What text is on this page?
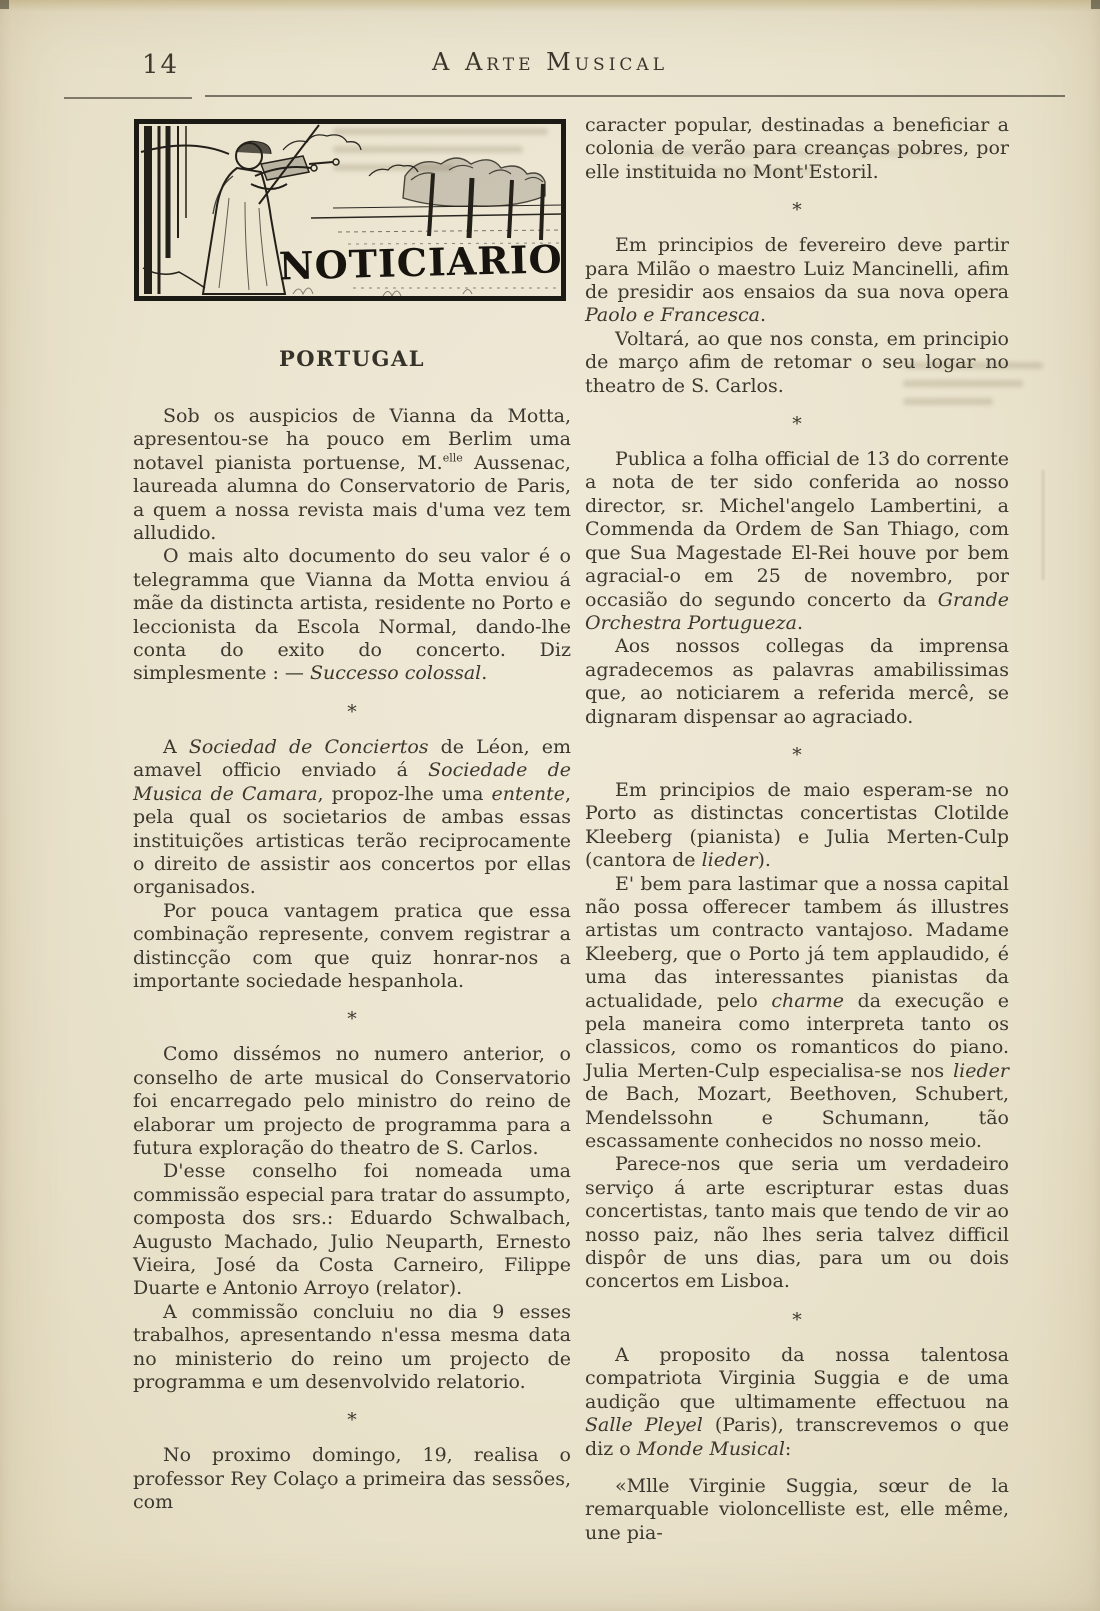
14	A Arte Musical
NOTICIARIO
PORTUGAL

Sob os auspicios de Vianna da Motta, apresentou-se ha pouco em Berlim uma notavel pianista portuense, M.$^{elle}$ Aussenac, laureada alumna do Conservatorio de Paris, a quem a nossa revista mais d'uma vez tem alludido.

O mais alto documento do seu valor é o telegramma que Vianna da Motta enviou á mãe da distincta artista, residente no Porto e leccionista da Escola Normal, dando-lhe conta do exito do concerto. Diz simplesmente : — Successo colossal.

*

A Sociedad de Conciertos de Léon, em amavel officio enviado á Sociedade de Musica de Camara, propoz-lhe uma entente, pela qual os societarios de ambas essas instituições artisticas terão reciprocamente o direito de assistir aos concertos por ellas organisados.

Por pouca vantagem pratica que essa combinação represente, convem registrar a distincção com que quiz honrar-nos a importante sociedade hespanhola.

*

Como dissémos no numero anterior, o conselho de arte musical do Conservatorio foi encarregado pelo ministro do reino de elaborar um projecto de programma para a futura exploração do theatro de S. Carlos.

D'esse conselho foi nomeada uma commissão especial para tratar do assumpto, composta dos srs.: Eduardo Schwalbach, Augusto Machado, Julio Neuparth, Ernesto Vieira, José da Costa Carneiro, Filippe Duarte e Antonio Arroyo (relator).

A commissão concluiu no dia 9 esses trabalhos, apresentando n'essa mesma data no ministerio do reino um projecto de programma e um desenvolvido relatorio.

*

No proximo domingo, 19, realisa o professor Rey Colaço a primeira das sessões, com

caracter popular, destinadas a beneficiar a colonia de verão para creanças pobres, por elle instituida no Mont'Estoril.

*

Em principios de fevereiro deve partir para Milão o maestro Luiz Mancinelli, afim de presidir aos ensaios da sua nova opera Paolo e Francesca.

Voltará, ao que nos consta, em principio de março afim de retomar o seu logar no theatro de S. Carlos.

*

Publica a folha official de 13 do corrente a nota de ter sido conferida ao nosso director, sr. Michel'angelo Lambertini, a Commenda da Ordem de San Thiago, com que Sua Magestade El-Rei houve por bem agracial-o em 25 de novembro, por occasião do segundo concerto da Grande Orchestra Portugueza.

Aos nossos collegas da imprensa agradecemos as palavras amabilissimas que, ao noticiarem a referida mercê, se dignaram dispensar ao agraciado.

*

Em principios de maio esperam-se no Porto as distinctas concertistas Clotilde Kleeberg (pianista) e Julia Merten-Culp (cantora de lieder).

E' bem para lastimar que a nossa capital não possa offerecer tambem ás illustres artistas um contracto vantajoso. Madame Kleeberg, que o Porto já tem applaudido, é uma das interessantes pianistas da actualidade, pelo charme da execução e pela maneira como interpreta tanto os classicos, como os romanticos do piano. Julia Merten-Culp especialisa-se nos lieder de Bach, Mozart, Beethoven, Schubert, Mendelssohn e Schumann, tão escassamente conhecidos no nosso meio.

Parece-nos que seria um verdadeiro serviço á arte escripturar estas duas concertistas, tanto mais que tendo de vir ao nosso paiz, não lhes seria talvez difficil dispôr de uns dias, para um ou dois concertos em Lisboa.

*

A proposito da nossa talentosa compatriota Virginia Suggia e de uma audição que ultimamente effectuou na Salle Pleyel (Paris), transcrevemos o que diz o Monde Musical:

«Mlle Virginie Suggia, sœur de la remarquable violoncelliste est, elle même, une pia-
